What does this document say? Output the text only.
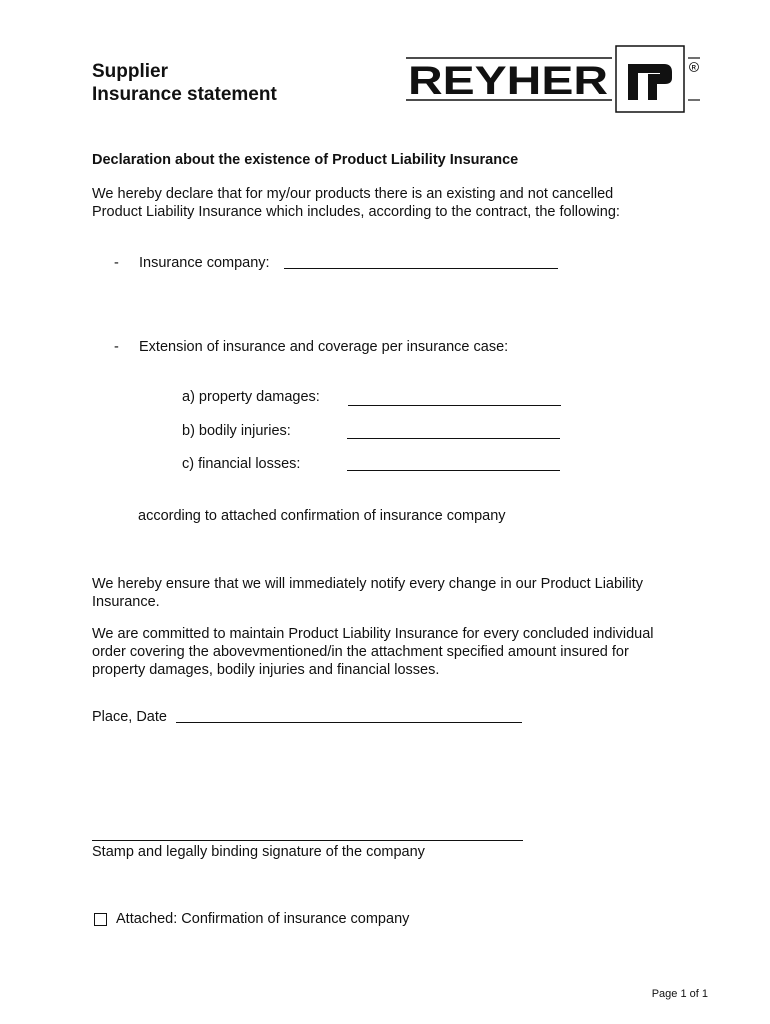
Supplier
Insurance statement	REYHER	R
Declaration about the existence of Product Liability Insurance
We hereby declare that for my/our products there is an existing and not cancelled
Product Liability Insurance which includes, according to the contract, the following:
- Insurance company:
- Extension of insurance and coverage per insurance case:
a) property damages:
b) bodily injuries:
c) financial losses:
according to attached confirmation of insurance company
We hereby ensure that we will immediately notify every change in our Product Liability
Insurance.
We are committed to maintain Product Liability Insurance for every concluded individual
order covering the abovevmentioned/in the attachment specified amount insured for
property damages, bodily injuries and financial losses.
Place, Date
Stamp and legally binding signature of the company
Attached: Confirmation of insurance company
Page 1 of 1
